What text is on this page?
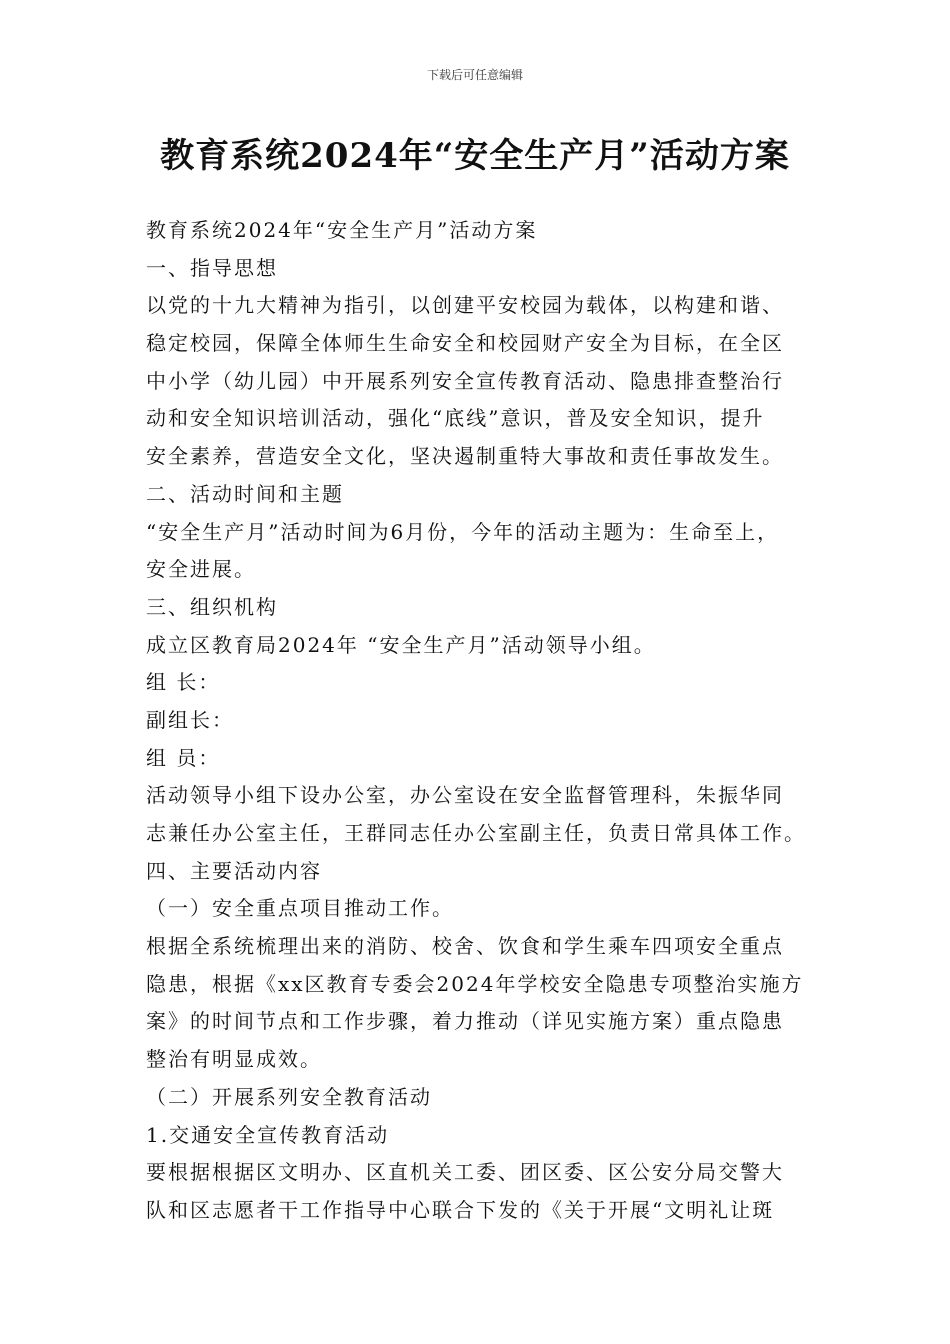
下载后可任意编辑
教育系统2024年“安全生产月”活动方案
教育系统2024年“安全生产月”活动方案
一、指导思想
以党的十九大精神为指引，以创建平安校园为载体，以构建和谐、
稳定校园，保障全体师生生命安全和校园财产安全为目标，在全区
中小学（幼儿园）中开展系列安全宣传教育活动、隐患排查整治行
动和安全知识培训活动，强化“底线”意识，普及安全知识，提升
安全素养，营造安全文化，坚决遏制重特大事故和责任事故发生。
二、活动时间和主题
“安全生产月”活动时间为6月份，今年的活动主题为：生命至上，
安全进展。
三、组织机构
成立区教育局2024年 “安全生产月”活动领导小组。
组 长：
副组长：
组 员：
活动领导小组下设办公室，办公室设在安全监督管理科，朱振华同
志兼任办公室主任，王群同志任办公室副主任，负责日常具体工作。
四、主要活动内容
（一）安全重点项目推动工作。
根据全系统梳理出来的消防、校舍、饮食和学生乘车四项安全重点
隐患，根据《xx区教育专委会2024年学校安全隐患专项整治实施方
案》的时间节点和工作步骤，着力推动（详见实施方案）重点隐患
整治有明显成效。
（二）开展系列安全教育活动
1.交通安全宣传教育活动
要根据根据区文明办、区直机关工委、团区委、区公安分局交警大
队和区志愿者干工作指导中心联合下发的《关于开展“文明礼让斑
